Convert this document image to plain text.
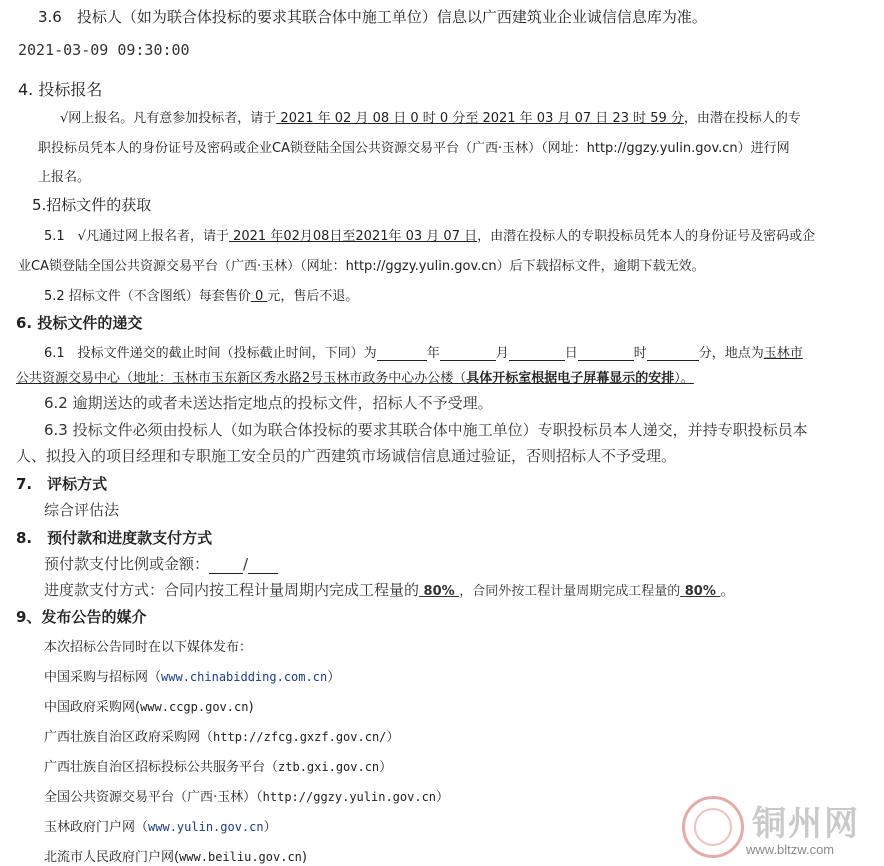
3.6　投标人（如为联合体投标的要求其联合体中施工单位）信息以广西建筑业企业诚信信息库为准。
2021-03-09 09:30:00
4. 投标报名
√网上报名。凡有意参加投标者，请于 2021 年 02 月 08 日 0 时 0 分至 2021 年 03 月 07 日 23 时 59 分，由潜在投标人的专
职投标员凭本人的身份证号及密码或企业CA锁登陆全国公共资源交易平台（广西·玉林）（网址：http://ggzy.yulin.gov.cn）进行网
上报名。
5.招标文件的获取
5.1　√凡通过网上报名者，请于 2021 年02月08日至2021年 03 月 07 日，由潜在投标人的专职投标员凭本人的身份证号及密码或企
业CA锁登陆全国公共资源交易平台（广西·玉林）（网址：http://ggzy.yulin.gov.cn）后下载招标文件，逾期下载无效。
5.2 招标文件（不含图纸）每套售价 0 元，售后不退。
6. 投标文件的递交
6.1　投标文件递交的截止时间（投标截止时间，下同）为	年	月	日	时	分，地点为玉林市
公共资源交易中心（地址：玉林市玉东新区秀水路2号玉林市政务中心办公楼（具体开标室根据电子屏幕显示的安排）。
6.2 逾期送达的或者未送达指定地点的投标文件，招标人不予受理。
6.3 投标文件必须由投标人（如为联合体投标的要求其联合体中施工单位）专职投标员本人递交，并持专职投标员本
人、拟投入的项目经理和专职施工安全员的广西建筑市场诚信信息通过验证，否则招标人不予受理。
7.　评标方式
综合评估法
8.　预付款和进度款支付方式
预付款支付比例或金额： /
进度款支付方式：合同内按工程计量周期内完成工程量的 80% ，合同外按工程计量周期完成工程量的 80% 。
9、发布公告的媒介
本次招标公告同时在以下媒体发布：
中国采购与招标网（www.chinabidding.com.cn）
中国政府采购网(www.ccgp.gov.cn)
广西壮族自治区政府采购网（http://zfcg.gxzf.gov.cn/）
广西壮族自治区招标投标公共服务平台（ztb.gxi.gov.cn）
全国公共资源交易平台（广西·玉林）（http://ggzy.yulin.gov.cn）
玉林政府门户网（www.yulin.gov.cn）
北流市人民政府门户网(www.beiliu.gov.cn)
铜州网
www.bltzw.com
